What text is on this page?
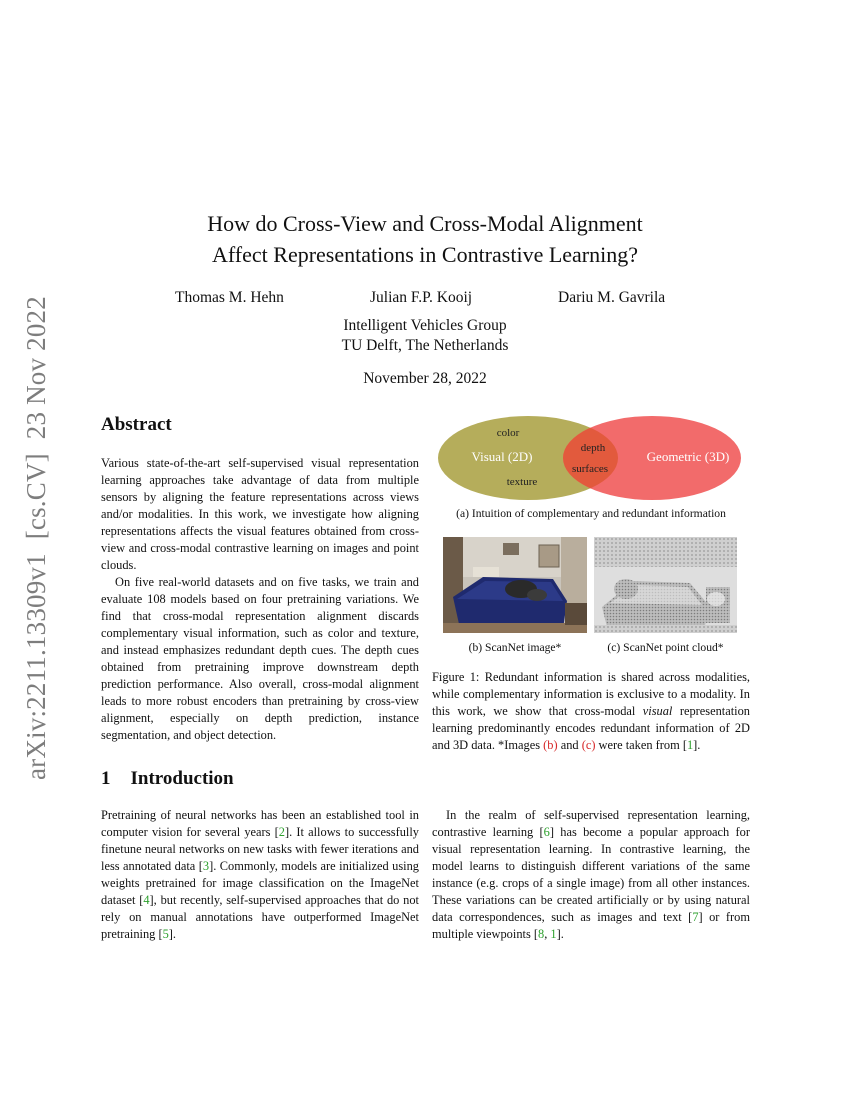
arXiv:2211.13309v1  [cs.CV]  23 Nov 2022
How do Cross-View and Cross-Modal Alignment
Affect Representations in Contrastive Learning?
Thomas M. Hehn	Julian F.P. Kooij	Dariu M. Gavrila
Intelligent Vehicles Group
TU Delft, The Netherlands
November 28, 2022
Abstract

Various state-of-the-art self-supervised visual representation learning approaches take advantage of data from multiple sensors by aligning the feature representations across views and/or modalities. In this work, we investigate how aligning representations affects the visual features obtained from cross-view and cross-modal contrastive learning on images and point clouds.

On five real-world datasets and on five tasks, we train and evaluate 108 models based on four pretraining variations. We find that cross-modal representation alignment discards complementary visual information, such as color and texture, and instead emphasizes redundant depth cues. The depth cues obtained from pretraining improve downstream depth prediction performance. Also overall, cross-modal alignment leads to more robust encoders than pretraining by cross-view alignment, especially on depth prediction, instance segmentation, and object detection.

color
Visual (2D)
texture
depth
surfaces
Geometric (3D)
(a) Intuition of complementary and redundant information
(b) ScanNet image*	(c) ScanNet point cloud*

Figure 1: Redundant information is shared across modalities, while complementary information is exclusive to a modality. In this work, we show that cross-modal visual representation learning predominantly encodes redundant information of 2D and 3D data. *Images (b) and (c) were taken from [1].

1 Introduction

Pretraining of neural networks has been an established tool in computer vision for several years [2]. It allows to successfully finetune neural networks on new tasks with fewer iterations and less annotated data [3]. Commonly, models are initialized using weights pretrained for image classification on the ImageNet dataset [4], but recently, self-supervised approaches that do not rely on manual annotations have outperformed ImageNet pretraining [5].

In the realm of self-supervised representation learning, contrastive learning [6] has become a popular approach for visual representation learning. In contrastive learning, the model learns to distinguish different variations of the same instance (e.g. crops of a single image) from all other instances. These variations can be created artificially or by using natural data correspondences, such as images and text [7] or from multiple viewpoints [8, 1].
